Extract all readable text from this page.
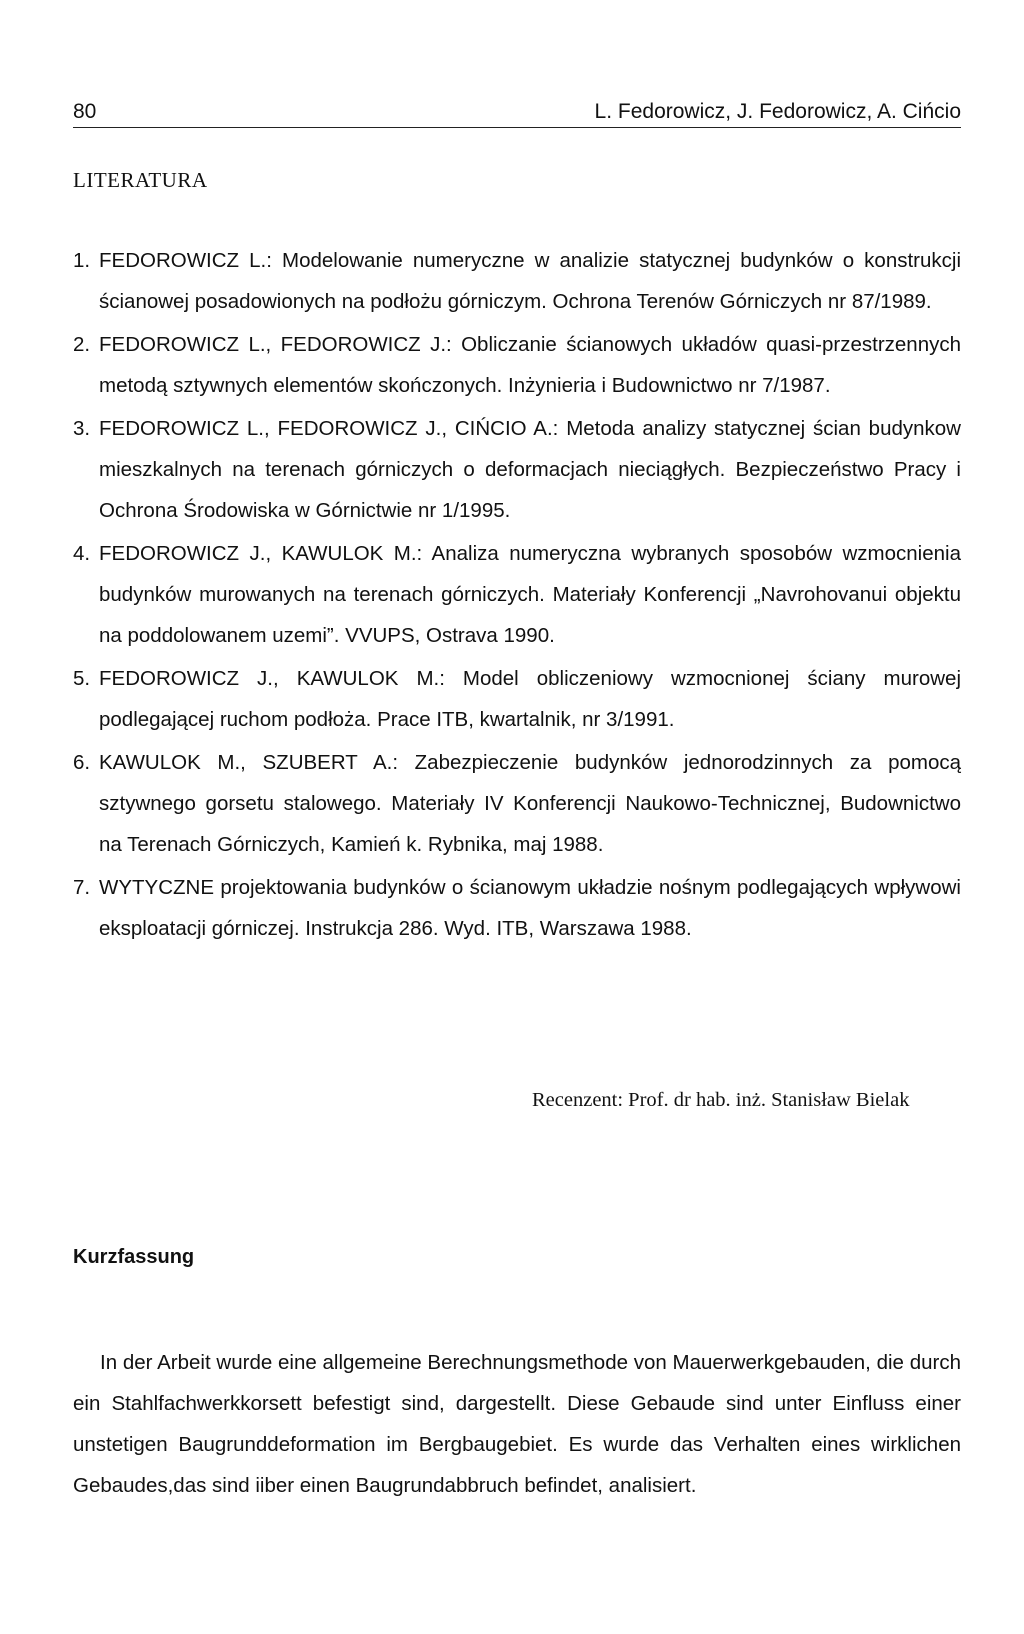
80	L. Fedorowicz, J. Fedorowicz, A. Cińcio
LITERATURA
1. FEDOROWICZ L.: Modelowanie numeryczne w analizie statycznej budynków o konstrukcji ścianowej posadowionych na podłożu górniczym. Ochrona Terenów Górniczych nr 87/1989.
2. FEDOROWICZ L., FEDOROWICZ J.: Obliczanie ścianowych układów quasi-przestrzennych metodą sztywnych elementów skończonych. Inżynieria i Budownictwo nr 7/1987.
3. FEDOROWICZ L., FEDOROWICZ J., CIŃCIO A.: Metoda analizy statycznej ścian budynkow mieszkalnych na terenach górniczych o deformacjach nieciągłych. Bezpieczeństwo Pracy i Ochrona Środowiska w Górnictwie nr 1/1995.
4. FEDOROWICZ J., KAWULOK M.: Analiza numeryczna wybranych sposobów wzmocnienia budynków murowanych na terenach górniczych. Materiały Konferencji „Navrohovanui objektu na poddolowanem uzemi”. VVUPS, Ostrava 1990.
5. FEDOROWICZ J., KAWULOK M.: Model obliczeniowy wzmocnionej ściany murowej podlegającej ruchom podłoża. Prace ITB, kwartalnik, nr 3/1991.
6. KAWULOK M., SZUBERT A.: Zabezpieczenie budynków jednorodzinnych za pomocą sztywnego gorsetu stalowego. Materiały IV Konferencji Naukowo-Technicznej, Budownictwo na Terenach Górniczych, Kamień k. Rybnika, maj 1988.
7. WYTYCZNE projektowania budynków o ścianowym układzie nośnym podlegających wpływowi eksploatacji górniczej. Instrukcja 286. Wyd. ITB, Warszawa 1988.
Recenzent: Prof. dr hab. inż. Stanisław Bielak
Kurzfassung

In der Arbeit wurde eine allgemeine Berechnungsmethode von Mauerwerkgebauden, die durch ein Stahlfachwerkkorsett befestigt sind, dargestellt. Diese Gebaude sind unter Einfluss einer unstetigen Baugrunddeformation im Bergbaugebiet. Es wurde das Verhalten eines wirklichen Gebaudes,das sind iiber einen Baugrundabbruch befindet, analisiert.
